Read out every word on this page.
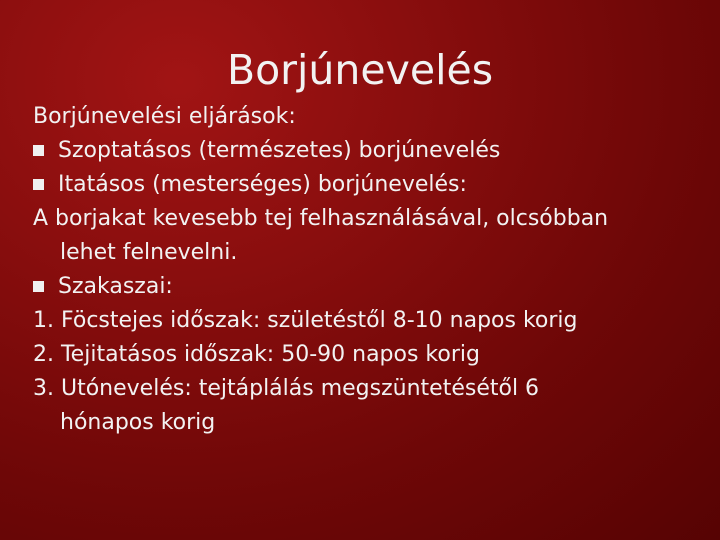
Borjúnevelés
Borjúnevelési eljárások:
Szoptatásos (természetes) borjúnevelés
Itatásos (mesterséges) borjúnevelés:
A borjakat kevesebb tej felhasználásával, olcsóbban
lehet felnevelni.
Szakaszai:
1. Föcstejes időszak: születéstől 8-10 napos korig
2. Tejitatásos időszak: 50-90 napos korig
3. Utónevelés: tejtáplálás megszüntetésétől 6
hónapos korig
